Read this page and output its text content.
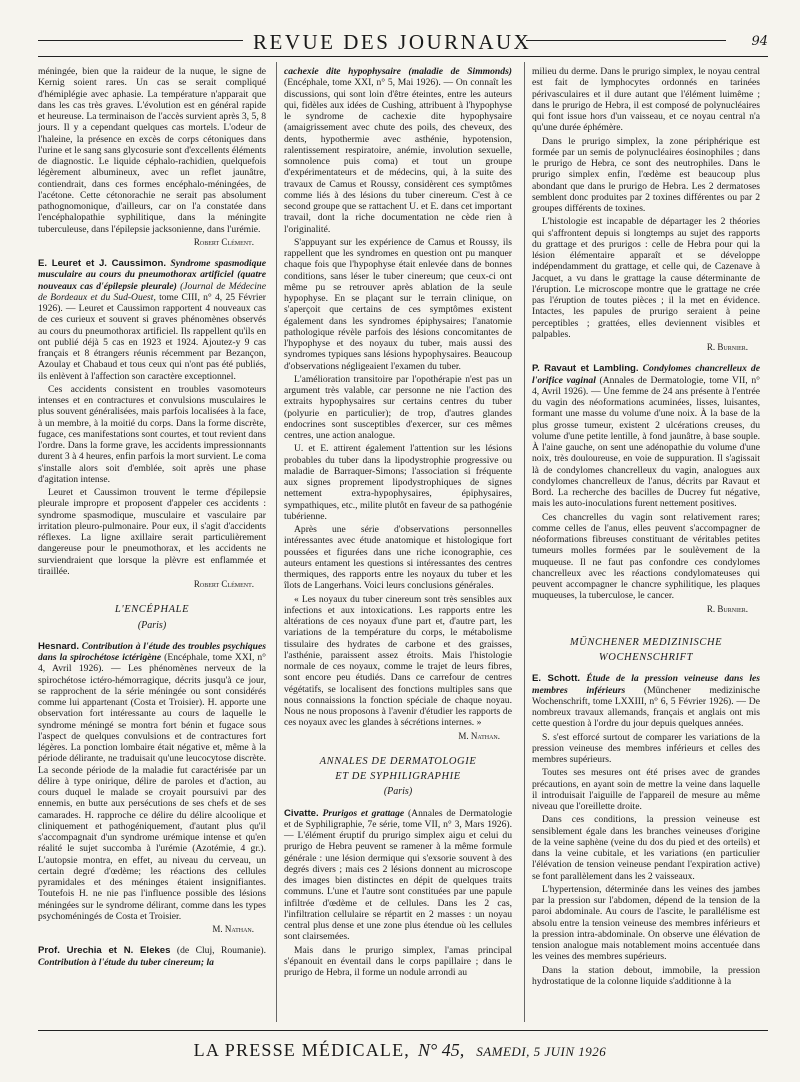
REVUE DES JOURNAUX	94

méningée, bien que la raideur de la nuque, le signe de Kernig soient rares. Un cas se serait compliqué d'hémiplégie avec aphasie. La température n'apparait que dans les cas très graves. L'évolution est en général rapide et heureuse. La terminaison de l'accès survient après 3, 5, 8 jours. Il y a cependant quelques cas mortels. L'odeur de l'haleine, la présence en excès de corps cétoniques dans l'urine et le sang sans glycosurie sont d'excellents éléments de diagnostic. Le liquide céphalo-rachidien, quelquefois légèrement albumineux, avec un reflet jaunâtre, contiendrait, dans ces formes encéphalo-méningées, de l'acétone. Cette cétonorachie ne serait pas absolument pathognomonique, d'ailleurs, car on l'a constatée dans l'encéphalopathie syphilitique, dans la méningite tuberculeuse, dans l'épilepsie jacksonienne, dans l'urémie.

Robert Clément.

E. Leuret et J. Caussimon. Syndrome spasmodique musculaire au cours du pneumothorax artificiel (quatre nouveaux cas d'épilepsie pleurale) (Journal de Médecine de Bordeaux et du Sud-Ouest, tome CIII, n° 4, 25 Février 1926). — Leuret et Caussimon rapportent 4 nouveaux cas de ces curieux et souvent si graves phénomènes observés au cours du pneumothorax artificiel. Ils rappellent qu'ils en ont publié déjà 5 cas en 1923 et 1924. Ajoutez-y 9 cas français et 8 étrangers réunis récemment par Bezançon, Azoulay et Chabaud et tous ceux qui n'ont pas été publiés, ils enlèvent à l'affection son caractère exceptionnel.

Ces accidents consistent en troubles vasomoteurs intenses et en contractures et convulsions musculaires le plus souvent généralisées, mais parfois localisées à la face, à un membre, à la moitié du corps. Dans la forme discrète, fugace, ces manifestations sont courtes, et tout revient dans l'ordre. Dans la forme grave, les accidents impressionnants durent 3 à 4 heures, enfin parfois la mort survient. Le coma s'installe alors soit d'emblée, soit après une phase d'agitation intense.

Leuret et Caussimon trouvent le terme d'épilepsie pleurale impropre et proposent d'appeler ces accidents : syndrome spasmodique, musculaire et vasculaire par irritation pleuro-pulmonaire. Pour eux, il s'agit d'accidents réflexes. La ligne axillaire serait particulièrement dangereuse pour le pneumothorax, et les accidents ne surviendraient que lorsque la plèvre est enflammée et tiraillée.

Robert Clément.
L'ENCÉPHALE
(Paris)

Hesnard. Contribution à l'étude des troubles psychiques dans la spirochétose ictérigène (Encéphale, tome XXI, n° 4, Avril 1926). — Les phénomènes nerveux de la spirochétose ictéro-hémorragique, décrits jusqu'à ce jour, se rapprochent de la série méningée ou sont considérés comme lui appartenant (Costa et Troisier). H. apporte une observation fort intéressante au cours de laquelle le syndrome méningé se montra fort bénin et fugace sous l'aspect de quelques convulsions et de contractures fort légères. La ponction lombaire était négative et, même à la période délirante, ne traduisait qu'une leucocytose discrète. La seconde période de la maladie fut caractérisée par un délire à type onirique, délire de paroles et d'action, au cours duquel le malade se croyait poursuivi par des ennemis, en butte aux persécutions de ses chefs et de ses camarades. H. rapproche ce délire du délire alcoolique et cliniquement et pathogéniquement, d'autant plus qu'il s'accompagnait d'un syndrome urémique intense et qu'en réalité le sujet succomba à l'urémie (Azotémie, 4 gr.). L'autopsie montra, en effet, au niveau du cerveau, un certain degré d'œdème; les réactions des cellules pyramidales et des méninges étaient insignifiantes. Toutefois H. ne nie pas l'influence possible des lésions méningées sur le syndrome délirant, comme dans les types psychoméningés de Costa et Troisier.

M. Nathan.

Prof. Urechia et N. Elekes (de Cluj, Roumanie). Contribution à l'étude du tuber cinereum; la

cachexie dite hypophysaire (maladie de Simmonds) (Encéphale, tome XXI, n° 5, Mai 1926). — On connaît les discussions, qui sont loin d'être éteintes, entre les auteurs qui, fidèles aux idées de Cushing, attribuent à l'hypophyse le syndrome de cachexie dite hypophysaire (amaigrissement avec chute des poils, des cheveux, des dents, hypothermie avec asthénie, hypotension, ralentissement respiratoire, anémie, involution sexuelle, somnolence puis coma) et tout un groupe d'expérimentateurs et de médecins, qui, à la suite des travaux de Camus et Roussy, considèrent ces symptômes comme liés à des lésions du tuber cinereum. C'est à ce second groupe que se rattachent U. et E. dans cet important travail, dont la riche documentation ne cède rien à l'originalité.

S'appuyant sur les expérience de Camus et Roussy, ils rappellent que les syndromes en question ont pu manquer chaque fois que l'hypophyse était enlevée dans de bonnes conditions, sans léser le tuber cinereum; que ceux-ci ont même pu se retrouver après ablation de la seule hypophyse. En se plaçant sur le terrain clinique, on s'aperçoit que certains de ces symptômes existent également dans les syndromes épiphysaires; l'anatomie pathologique révèle parfois des lésions concomitantes de l'hypophyse et des noyaux du tuber, mais aussi des syndromes typiques sans lésions hypophysaires. Beaucoup d'observations négligeaient l'examen du tuber.

L'amélioration transitoire par l'opothérapie n'est pas un argument très valable, car personne ne nie l'action des extraits hypophysaires sur certains centres du tuber (polyurie en particulier); de trop, d'autres glandes endocrines sont susceptibles d'exercer, sur ces mêmes centres, une action analogue.

U. et E. attirent également l'attention sur les lésions probables du tuber dans la lipodystrophie progressive ou maladie de Barraquer-Simons; l'association si fréquente aux signes proprement lipodystrophiques de signes nettement extra-hypophysaires, épiphysaires, sympathiques, etc., milite plutôt en faveur de sa pathogénie tubérienne.

Après une série d'observations personnelles intéressantes avec étude anatomique et histologique fort poussées et figurées dans une riche iconographie, ces auteurs entament les questions si intéressantes des centres thermiques, des rapports entre les noyaux du tuber et les îlots de Langerhans. Voici leurs conclusions générales.

« Les noyaux du tuber cinereum sont très sensibles aux infections et aux intoxications. Les rapports entre les altérations de ces noyaux d'une part et, d'autre part, les variations de la température du corps, le métabolisme tissulaire des hydrates de carbone et des graisses, l'asthénie, paraissent assez étroits. Mais l'histologie normale de ces noyaux, comme le trajet de leurs fibres, sont encore peu étudiés. Dans ce carrefour de centres végétatifs, se localisent des fonctions multiples sans que nous connaissions la fonction spéciale de chaque noyau. Nous ne nous proposons à l'avenir d'étudier les rapports de ces noyaux avec les glandes à sécrétions internes. »

M. Nathan.
ANNALES DE DERMATOLOGIE
ET DE SYPHILIGRAPHIE
(Paris)

Civatte. Prurigos et grattage (Annales de Dermatologie et de Syphiligraphie, 7e série, tome VII, n° 3, Mars 1926). — L'élément éruptif du prurigo simplex aigu et celui du prurigo de Hebra peuvent se ramener à la même formule générale : une lésion dermique qui s'exsorie souvent à des degrés divers ; mais ces 2 lésions donnent au microscope des images bien distinctes en dépit de quelques traits communs. L'une et l'autre sont constituées par une papule infiltrée d'œdème et de cellules. Dans les 2 cas, l'infiltration cellulaire se répartit en 2 masses : un noyau central plus dense et une zone plus étendue où les cellules sont clairsemées.

Mais dans le prurigo simplex, l'amas principal s'épanouit en éventail dans le corps papillaire ; dans le prurigo de Hebra, il forme un nodule arrondi au

milieu du derme. Dans le prurigo simplex, le noyau central est fait de lymphocytes ordonnés en tarinées périvasculaires et il dure autant que l'élément luimême ; dans le prurigo de Hebra, il est composé de polynucléaires qui font issue hors d'un vaisseau, et ce noyau central n'a qu'une durée éphémère.

Dans le prurigo simplex, la zone périphérique est formée par un semis de polynucléaires éosinophiles ; dans le prurigo de Hebra, ce sont des neutrophiles. Dans le prurigo simplex enfin, l'œdème est beaucoup plus abondant que dans le prurigo de Hebra. Les 2 dermatoses semblent donc produites par 2 toxines différentes ou par 2 groupes différents de toxines.

L'histologie est incapable de départager les 2 théories qui s'affrontent depuis si longtemps au sujet des rapports du grattage et des prurigos : celle de Hebra pour qui la lésion élémentaire apparaît et se développe indépendamment du grattage, et celle qui, de Cazenave à Jacquet, a vu dans le grattage la cause déterminante de l'éruption. Le microscope montre que le grattage ne crée pas l'éruption de toutes pièces ; il la met en évidence. Intactes, les papules de prurigo seraient à peine perceptibles ; grattées, elles deviennent visibles et palpables.

R. Burnier.

P. Ravaut et Lambling. Condylomes chancrelleux de l'orifice vaginal (Annales de Dermatologie, tome VII, n° 4, Avril 1926). — Une femme de 24 ans présente à l'entrée du vagin des néoformations acuminées, lisses, luisantes, formant une masse du volume d'une noix. À la base de la plus grosse tumeur, existent 2 ulcérations creuses, du volume d'une petite lentille, à fond jaunâtre, à base souple. À l'aine gauche, on sent une adénopathie du volume d'une noix, très douloureuse, en voie de suppuration. Il s'agissait là de condylomes chancrelleux du vagin, analogues aux condylomes chancrelleux de l'anus, décrits par Ravaut et Bord. La recherche des bacilles de Ducrey fut négative, mais les auto-inoculations furent nettement positives.

Ces chancrelles du vagin sont relativement rares; comme celles de l'anus, elles peuvent s'accompagner de néoformations fibreuses constituant de véritables petites tumeurs molles formées par le soulèvement de la muqueuse. Il ne faut pas confondre ces condylomes chancrelleux avec les réactions condylomateuses qui peuvent accompagner le chancre syphilitique, les plaques muqueuses, la tuberculose, le cancer.

R. Burnier.
MÜNCHENER MEDIZINISCHE
WOCHENSCHRIFT

E. Schott. Étude de la pression veineuse dans les membres inférieurs (Münchener medizinische Wochenschrift, tome LXXIII, n° 6, 5 Février 1926). — De nombreux travaux allemands, français et anglais ont mis cette question à l'ordre du jour depuis quelques années.

S. s'est efforcé surtout de comparer les variations de la pression veineuse des membres inférieurs et celles des membres supérieurs.

Toutes ses mesures ont été prises avec de grandes précautions, en ayant soin de mettre la veine dans laquelle il introduisait l'aiguille de l'appareil de mesure au même niveau que l'oreillette droite.

Dans ces conditions, la pression veineuse est sensiblement égale dans les branches veineuses d'origine de la veine saphène (veine du dos du pied et des orteils) et dans la veine cubitale, et les variations (en particulier l'élévation de tension veineuse pendant l'expiration active) se font parallèlement dans les 2 vaisseaux.

L'hypertension, déterminée dans les veines des jambes par la pression sur l'abdomen, dépend de la tension de la paroi abdominale. Au cours de l'ascite, le parallélisme est absolu entre la tension veineuse des membres inférieurs et la pression intra-abdominale. On observe une élévation de tension analogue mais notablement moins accentuée dans les veines des membres supérieurs.

Dans la station debout, immobile, la pression hydrostatique de la colonne liquide s'additionne à la

LA PRESSE MÉDICALE, N° 45, SAMEDI, 5 JUIN 1926
